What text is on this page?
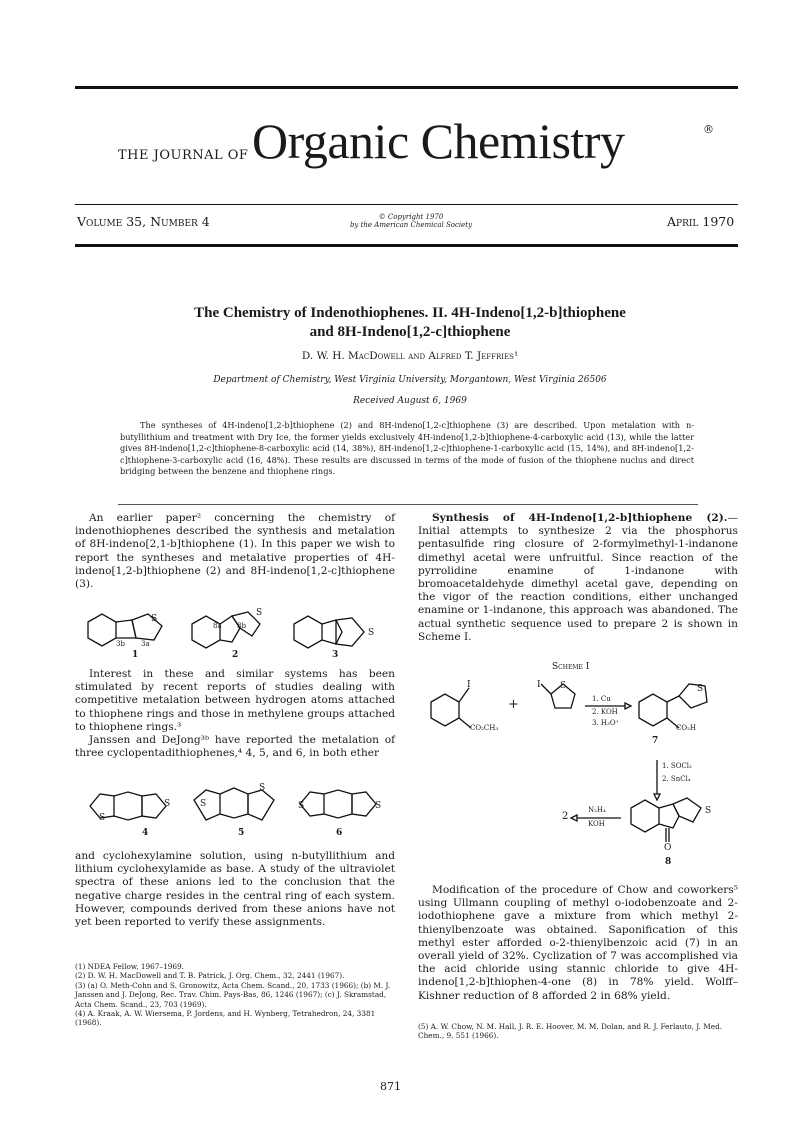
THE JOURNAL OF Organic Chemistry	®
Volume 35, Number 4	© Copyright 1970
by the American Chemical Society	April 1970
The Chemistry of Indenothiophenes. II. 4H-Indeno[1,2-b]thiophene
and 8H-Indeno[1,2-c]thiophene
D. W. H. MacDowell and Alfred T. Jeffries¹
Department of Chemistry, West Virginia University, Morgantown, West Virginia 26506
Received August 6, 1969
The syntheses of 4H-indeno[1,2-b]thiophene (2) and 8H-indeno[1,2-c]thiophene (3) are described. Upon metalation with n-butyllithium and treatment with Dry Ice, the former yields exclusively 4H-indeno[1,2-b]thiophene-4-carboxylic acid (13), while the latter gives 8H-indeno[1,2-c]thiophene-8-carboxylic acid (14, 38%), 8H-indeno[1,2-c]thiophene-1-carboxylic acid (15, 14%), and 8H-indeno[1,2-c]thiophene-3-carboxylic acid (16, 48%). These results are discussed in terms of the mode of fusion of the thiophene nuclus and direct bridging between the benzene and thiophene rings.

An earlier paper² concerning the chemistry of indenothiophenes described the synthesis and metalation of 8H-indeno[2,1-b]thiophene (1). In this paper we wish to report the syntheses and metalative properties of 4H-indeno[1,2-b]thiophene (2) and 8H-indeno[1,2-c]thiophene (3).

3b 3a
8a 8b
S
S
S
1	2	3

Interest in these and similar systems has been stimulated by recent reports of studies dealing with competitive metalation between hydrogen atoms attached to thiophene rings and those in methylene groups attached to thiophene rings.³

Janssen and DeJong³ᵇ have reported the metalation of three cyclopentadithiophenes,⁴ 4, 5, and 6, in both ether

S
S	S
S
S	S
4	5	6

and cyclohexylamine solution, using n-butyllithium and lithium cyclohexylamide as base. A study of the ultraviolet spectra of these anions led to the conclusion that the negative charge resides in the central ring of each system. However, compounds derived from these anions have not yet been reported to verify these assignments.

(1) NDEA Fellow, 1967–1969.

(2) D. W. H. MacDowell and T. B. Patrick, J. Org. Chem., 32, 2441 (1967).

(3) (a) O. Meth-Cohn and S. Gronowitz, Acta Chem. Scand., 20, 1733 (1966); (b) M. J. Janssen and J. DeJong, Rec. Trav. Chim. Pays-Bas, 86, 1246 (1967); (c) J. Skramstad, Acta Chem. Scand., 23, 703 (1969).

(4) A. Kraak, A. W. Wiersema, P. Jordens, and H. Wynberg, Tetrahedron, 24, 3381 (1968).

Synthesis of 4H-Indeno[1,2-b]thiophene (2).—Initial attempts to synthesize 2 via the phosphorus pentasulfide ring closure of 2-formylmethyl-1-indanone dimethyl acetal were unfruitful. Since reaction of the pyrrolidine enamine of 1-indanone with bromoacetaldehyde dimethyl acetal gave, depending on the vigor of the reaction conditions, either unchanged enamine or 1-indanone, this approach was abandoned. The actual synthetic sequence used to prepare 2 is shown in Scheme I.

Scheme I
I
CO₂CH₃
+
I S
1. Cu
2. KOH
3. H₃O⁺
S
CO₂H
7
1. SOCl₂
2. SnCl₄
2
N₂H₄
KOH
S
O
8

Modification of the procedure of Chow and coworkers⁵ using Ullmann coupling of methyl o-iodobenzoate and 2-iodothiophene gave a mixture from which methyl 2-thienylbenzoate was obtained. Saponification of this methyl ester afforded o-2-thienylbenzoic acid (7) in an overall yield of 32%. Cyclization of 7 was accomplished via the acid chloride using stannic chloride to give 4H-indeno[1,2-b]thiophen-4-one (8) in 78% yield. Wolff–Kishner reduction of 8 afforded 2 in 68% yield.

(5) A. W. Chow, N. M. Hall, J. R. E. Hoover, M. M. Dolan, and R. J. Ferlauto, J. Med. Chem., 9, 551 (1966).

871
